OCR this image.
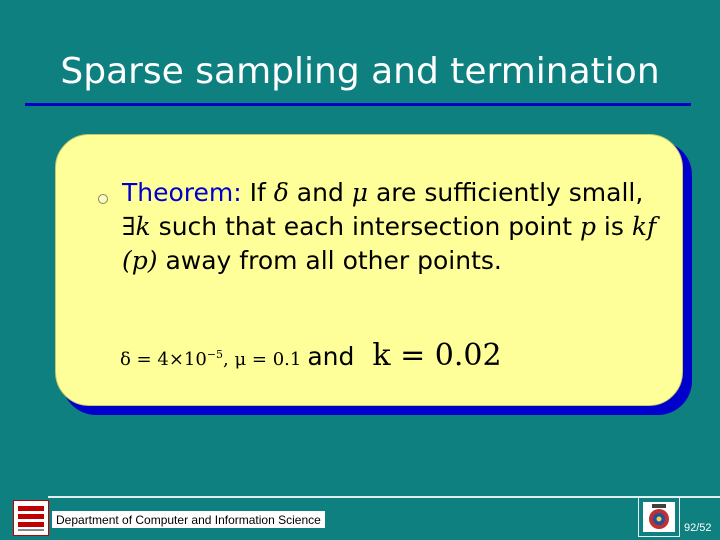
Sparse sampling and termination
Theorem: If δ and μ are sufficiently small, ∃k such that each intersection point p is kf (p) away from all other points.
$\delta = 4\times 10^{-5}$, μ = 0.1 and k = 0.02
Department of Computer and Information Science
92/52
